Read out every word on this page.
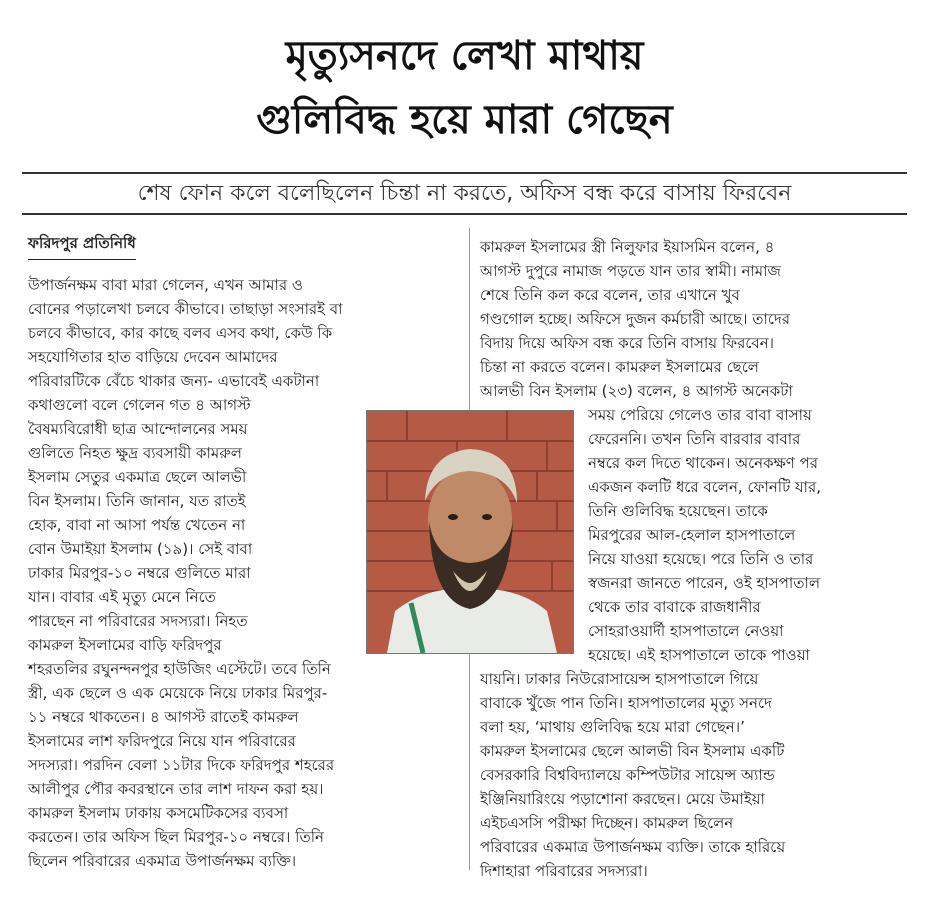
মৃত্যুসনদে লেখা মাথায়
গুলিবিদ্ধ হয়ে মারা গেছেন
শেষ ফোন কলে বলেছিলেন চিন্তা না করতে, অফিস বন্ধ করে বাসায় ফিরবেন
ফরিদপুর প্রতিনিধি
উপার্জনক্ষম বাবা মারা গেলেন, এখন আমার ও
বোনের পড়ালেখা চলবে কীভাবে। তাছাড়া সংসারই বা
চলবে কীভাবে, কার কাছে বলব এসব কথা, কেউ কি
সহযোগিতার হাত বাড়িয়ে দেবেন আমাদের
পরিবারটিকে বেঁচে থাকার জন্য- এভাবেই একটানা
কথাগুলো বলে গেলেন গত ৪ আগস্ট
বৈষম্যবিরোধী ছাত্র আন্দোলনের সময়
গুলিতে নিহত ক্ষুদ্র ব্যবসায়ী কামরুল
ইসলাম সেতুর একমাত্র ছেলে আলভী
বিন ইসলাম। তিনি জানান, যত রাতই
হোক, বাবা না আসা পর্যন্ত খেতেন না
বোন উমাইয়া ইসলাম (১৯)। সেই বাবা
ঢাকার মিরপুর-১০ নম্বরে গুলিতে মারা
যান। বাবার এই মৃত্যু মেনে নিতে
পারছেন না পরিবারের সদস্যরা। নিহত
কামরুল ইসলামের বাড়ি ফরিদপুর
শহরতলির রঘুনন্দনপুর হাউজিং এস্টেটে। তবে তিনি
স্ত্রী, এক ছেলে ও এক মেয়েকে নিয়ে ঢাকার মিরপুর-
১১ নম্বরে থাকতেন। ৪ আগস্ট রাতেই কামরুল
ইসলামের লাশ ফরিদপুরে নিয়ে যান পরিবারের
সদস্যরা। পরদিন বেলা ১১টার দিকে ফরিদপুর শহরের
আলীপুর পৌর কবরস্থানে তার লাশ দাফন করা হয়।
কামরুল ইসলাম ঢাকায় কসমেটিকসের ব্যবসা
করতেন। তার অফিস ছিল মিরপুর-১০ নম্বরে। তিনি
ছিলেন পরিবারের একমাত্র উপার্জনক্ষম ব্যক্তি।
কামরুল ইসলামের স্ত্রী নিলুফার ইয়াসমিন বলেন, ৪
আগস্ট দুপুরে নামাজ পড়তে যান তার স্বামী। নামাজ
শেষে তিনি কল করে বলেন, তার এখানে খুব
গণ্ডগোল হচ্ছে। অফিসে দুজন কর্মচারী আছে। তাদের
বিদায় দিয়ে অফিস বন্ধ করে তিনি বাসায় ফিরবেন।
চিন্তা না করতে বলেন। কামরুল ইসলামের ছেলে
আলভী বিন ইসলাম (২৩) বলেন, ৪ আগস্ট অনেকটা
সময় পেরিয়ে গেলেও তার বাবা বাসায়
ফেরেননি। তখন তিনি বারবার বাবার
নম্বরে কল দিতে থাকেন। অনেকক্ষণ পর
একজন কলটি ধরে বলেন, ফোনটি যার,
তিনি গুলিবিদ্ধ হয়েছেন। তাকে
মিরপুরের আল-হেলাল হাসপাতালে
নিয়ে যাওয়া হয়েছে। পরে তিনি ও তার
স্বজনরা জানতে পারেন, ওই হাসপাতাল
থেকে তার বাবাকে রাজধানীর
সোহরাওয়ার্দী হাসপাতালে নেওয়া
হয়েছে। এই হাসপাতালে তাকে পাওয়া
যায়নি। ঢাকার নিউরোসায়েন্স হাসপাতালে গিয়ে
বাবাকে খুঁজে পান তিনি। হাসপাতালের মৃত্যু সনদে
বলা হয়, ‘মাথায় গুলিবিদ্ধ হয়ে মারা গেছেন।’
কামরুল ইসলামের ছেলে আলভী বিন ইসলাম একটি
বেসরকারি বিশ্ববিদ্যালয়ে কম্পিউটার সায়েন্স অ্যান্ড
ইঞ্জিনিয়ারিংয়ে পড়াশোনা করছেন। মেয়ে উমাইয়া
এইচএসসি পরীক্ষা দিচ্ছেন। কামরুল ছিলেন
পরিবারের একমাত্র উপার্জনক্ষম ব্যক্তি। তাকে হারিয়ে
দিশাহারা পরিবারের সদস্যরা।
